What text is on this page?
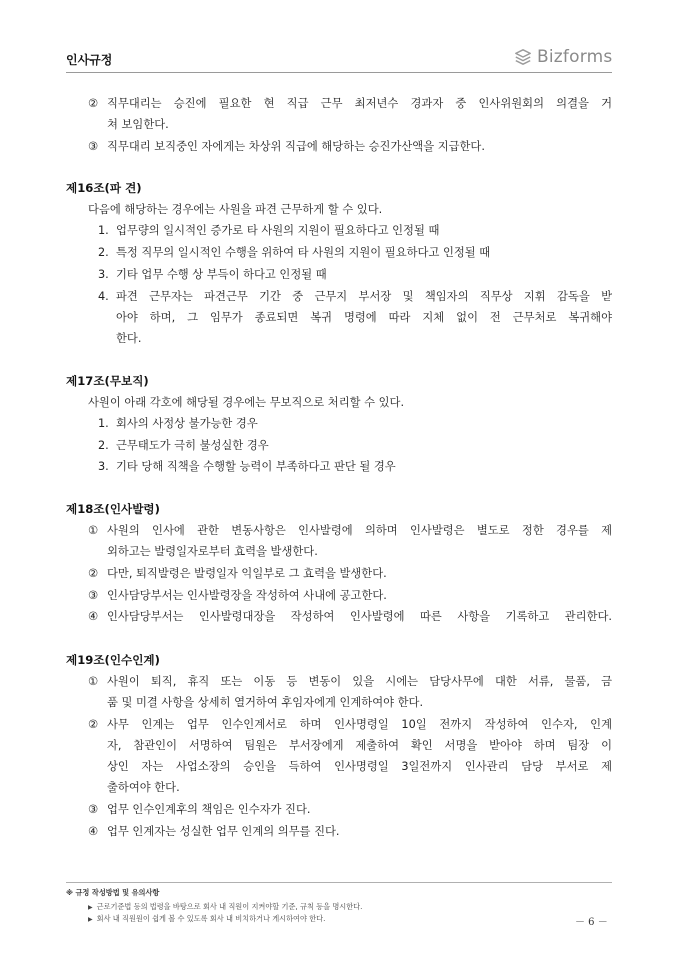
인사규정	Bizforms
② 직무대리는 승진에 필요한 현 직급 근무 최저년수 경과자 중 인사위원회의 의결을 거
쳐 보임한다.
③ 직무대리 보직중인 자에게는 차상위 직급에 해당하는 승진가산액을 지급한다.
제16조(파 견)
다음에 해당하는 경우에는 사원을 파견 근무하게 할 수 있다.
1. 업무량의 일시적인 증가로 타 사원의 지원이 필요하다고 인정될 때
2. 특정 직무의 일시적인 수행을 위하여 타 사원의 지원이 필요하다고 인정될 때
3. 기타 업무 수행 상 부득이 하다고 인정될 때
4. 파견 근무자는 파견근무 기간 중 근무지 부서장 및 책임자의 직무상 지휘 감독을 받
아야 하며, 그 임무가 종료되면 복귀 명령에 따라 지체 없이 전 근무처로 복귀해야
한다.
제17조(무보직)
사원이 아래 각호에 해당될 경우에는 무보직으로 처리할 수 있다.
1. 회사의 사정상 불가능한 경우
2. 근무태도가 극히 불성실한 경우
3. 기타 당해 직책을 수행할 능력이 부족하다고 판단 될 경우
제18조(인사발령)
① 사원의 인사에 관한 변동사항은 인사발령에 의하며 인사발령은 별도로 정한 경우를 제
외하고는 발령일자로부터 효력을 발생한다.
② 다만, 퇴직발령은 발령일자 익일부로 그 효력을 발생한다.
③ 인사담당부서는 인사발령장을 작성하여 사내에 공고한다.
④ 인사담당부서는 인사발령대장을 작성하여 인사발령에 따른 사항을 기록하고 관리한다.
제19조(인수인계)
① 사원이 퇴직, 휴직 또는 이동 등 변동이 있을 시에는 담당사무에 대한 서류, 물품, 금
품 및 미결 사항을 상세히 열거하여 후임자에게 인계하여야 한다.
② 사무 인계는 업무 인수인계서로 하며 인사명령일 10일 전까지 작성하여 인수자, 인계
자, 참관인이 서명하여 팀원은 부서장에게 제출하여 확인 서명을 받아야 하며 팀장 이
상인 자는 사업소장의 승인을 득하여 인사명령일 3일전까지 인사관리 담당 부서로 제
출하여야 한다.
③ 업무 인수인계후의 책임은 인수자가 진다.
④ 업무 인계자는 성실한 업무 인계의 의무를 진다.
※ 규정 작성방법 및 유의사항
▶ 근로기준법 등의 법령을 바탕으로 회사 내 직원이 지켜야할 기준, 규칙 등을 명시한다.
▶ 회사 내 직원원이 쉽게 볼 수 있도록 회사 내 비치하거나 게시하여야 한다.	－ 6 －
